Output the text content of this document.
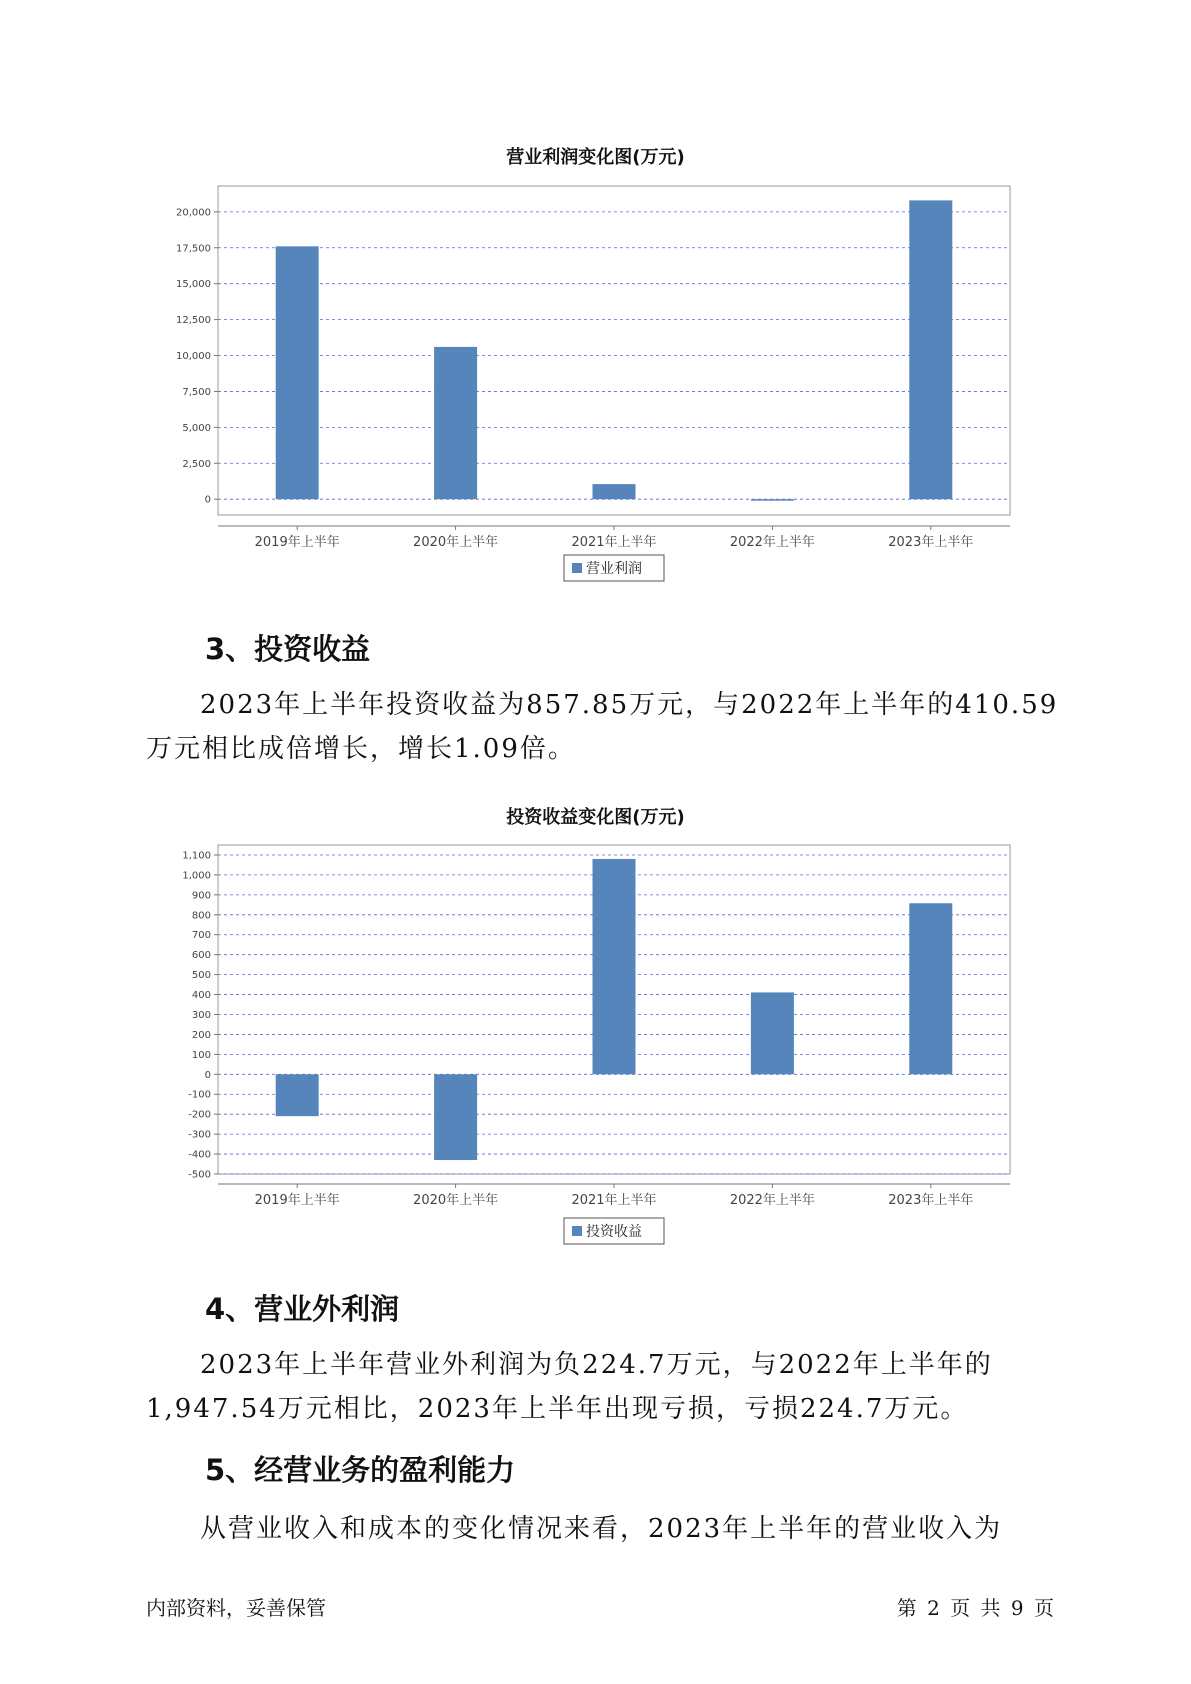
营业利润变化图(万元)
0
2,500
5,000
7,500
10,000
12,500
15,000
17,500
20,000
2019年上半年	2020年上半年	2021年上半年	2022年上半年	2023年上半年
营业利润
3、投资收益

2023年上半年投资收益为857.85万元，与2022年上半年的410.59万元相比成倍增长，增长1.09倍。

投资收益变化图(万元)
-500
-400
-300
-200
-100
0
100
200
300
400
500
600
700
800
900
1,000
1,100
2019年上半年	2020年上半年	2021年上半年	2022年上半年	2023年上半年
投资收益
4、营业外利润

2023年上半年营业外利润为负224.7万元，与2022年上半年的1,947.54万元相比，2023年上半年出现亏损，亏损224.7万元。

5、经营业务的盈利能力

从营业收入和成本的变化情况来看，2023年上半年的营业收入为

内部资料，妥善保管	第 2 页 共 9 页
